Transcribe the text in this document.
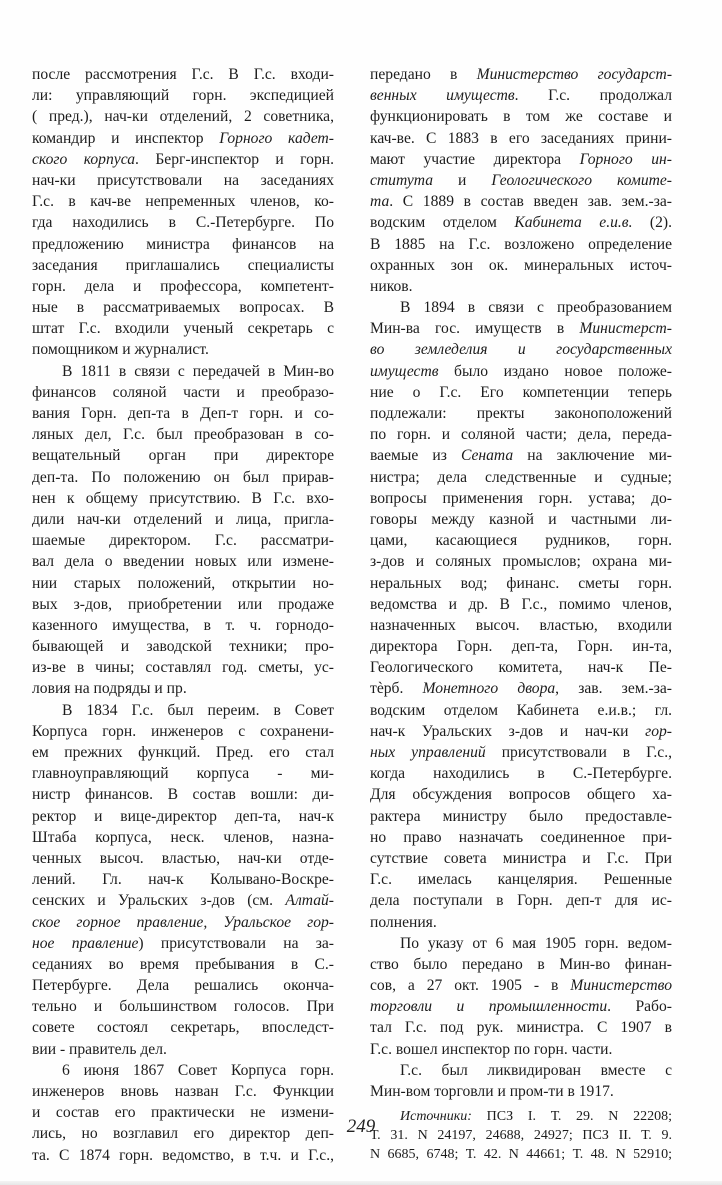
после рассмотрения Г.с. В Г.с. входи-
ли: управляющий горн. экспедицией
( пред.), нач-ки отделений, 2 советника,
командир и инспектор Горного кадет-
ского корпуса. Берг-инспектор и горн.
нач-ки присутствовали на заседаниях
Г.с. в кач-ве непременных членов, ко-
гда находились в С.-Петербурге. По
предложению министра финансов на
заседания приглашались специалисты
горн. дела и профессора, компетент-
ные в рассматриваемых вопросах. В
штат Г.с. входили ученый секретарь с
помощником и журналист.
В 1811 в связи с передачей в Мин-во
финансов соляной части и преобразо-
вания Горн. деп-та в Деп-т горн. и со-
ляных дел, Г.с. был преобразован в со-
вещательный орган при директоре
деп-та. По положению он был прирав-
нен к общему присутствию. В Г.с. вхо-
дили нач-ки отделений и лица, пригла-
шаемые директором. Г.с. рассматри-
вал дела о введении новых или измене-
нии старых положений, открытии но-
вых з-дов, приобретении или продаже
казенного имущества, в т. ч. горнодо-
бывающей и заводской техники; про-
из-ве в чины; составлял год. сметы, ус-
ловия на подряды и пр.
В 1834 Г.с. был переим. в Совет
Корпуса горн. инженеров с сохранени-
ем прежних функций. Пред. его стал
главноуправляющий корпуса - ми-
нистр финансов. В состав вошли: ди-
ректор и вице-директор деп-та, нач-к
Штаба корпуса, неск. членов, назна-
ченных высоч. властью, нач-ки отде-
лений. Гл. нач-к Колывано-Воскре-
сенских и Уральских з-дов (см. Алтай-
ское горное правление, Уральское гор-
ное правление) присутствовали на за-
седаниях во время пребывания в С.-
Петербурге. Дела решались оконча-
тельно и большинством голосов. При
совете состоял секретарь, впоследст-
вии - правитель дел.
6 июня 1867 Совет Корпуса горн.
инженеров вновь назван Г.с. Функции
и состав его практически не измени-
лись, но возглавил его директор деп-
та. С 1874 горн. ведомство, в т.ч. и Г.с.,
передано в Министерство государст-
венных имуществ. Г.с. продолжал
функционировать в том же составе и
кач-ве. С 1883 в его заседаниях прини-
мают участие директора Горного ин-
ститута и Геологического комите-
та. С 1889 в состав введен зав. зем.-за-
водским отделом Кабинета е.и.в. (2).
В 1885 на Г.с. возложено определение
охранных зон ок. минеральных источ-
ников.
В 1894 в связи с преобразованием
Мин-ва гос. имуществ в Министерст-
во земледелия и государственных
имуществ было издано новое положе-
ние о Г.с. Его компетенции теперь
подлежали: пректы законоположений
по горн. и соляной части; дела, переда-
ваемые из Сената на заключение ми-
нистра; дела следственные и судные;
вопросы применения горн. устава; до-
говоры между казной и частными ли-
цами, касающиеся рудников, горн.
з-дов и соляных промыслов; охрана ми-
неральных вод; финанс. сметы горн.
ведомства и др. В Г.с., помимо членов,
назначенных высоч. властью, входили
директора Горн. деп-та, Горн. ин-та,
Геологического комитета, нач-к Пе-
тѐрб. Монетного двора, зав. зем.-за-
водским отделом Кабинета е.и.в.; гл.
нач-к Уральских з-дов и нач-ки гор-
ных управлений присутствовали в Г.с.,
когда находились в С.-Петербурге.
Для обсуждения вопросов общего ха-
рактера министру было предоставле-
но право назначать соединенное при-
сутствие совета министра и Г.с. При
Г.с. имелась канцелярия. Решенные
дела поступали в Горн. деп-т для ис-
полнения.
По указу от 6 мая 1905 горн. ведом-
ство было передано в Мин-во финан-
сов, а 27 окт. 1905 - в Министерство
торговли и промышленности. Рабо-
тал Г.с. под рук. министра. С 1907 в
Г.с. вошел инспектор по горн. части.
Г.с. был ликвидирован вместе с
Мин-вом торговли и пром-ти в 1917.
Источники: ПСЗ I. Т. 29. N 22208;
Т. 31. N 24197, 24688, 24927; ПСЗ II. Т. 9.
N 6685, 6748; Т. 42. N 44661; Т. 48. N 52910;
249
